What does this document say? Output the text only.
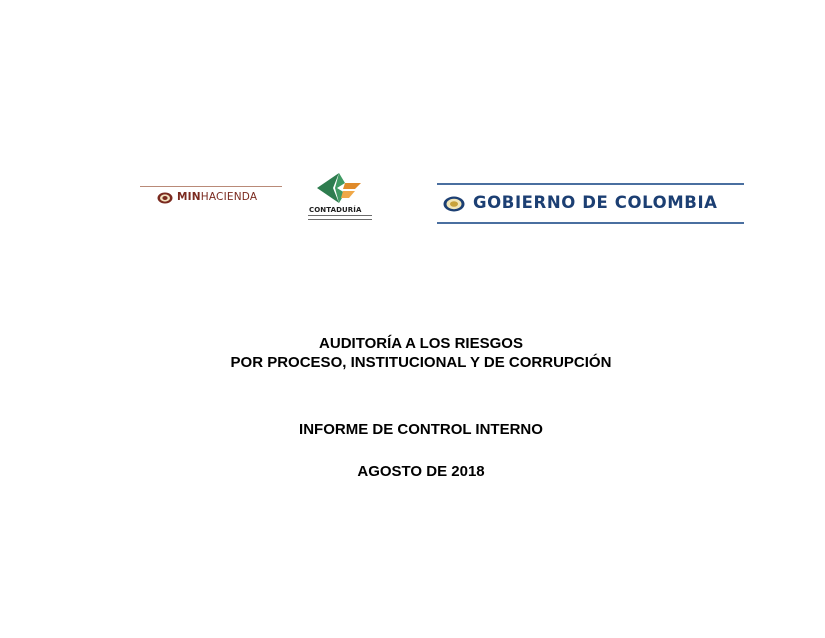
MINHACIENDA
CONTADURÍA	GOBIERNO DE COLOMBIA
AUDITORÍA A LOS RIESGOS
POR PROCESO, INSTITUCIONAL Y DE CORRUPCIÓN
INFORME DE CONTROL INTERNO
AGOSTO DE 2018
